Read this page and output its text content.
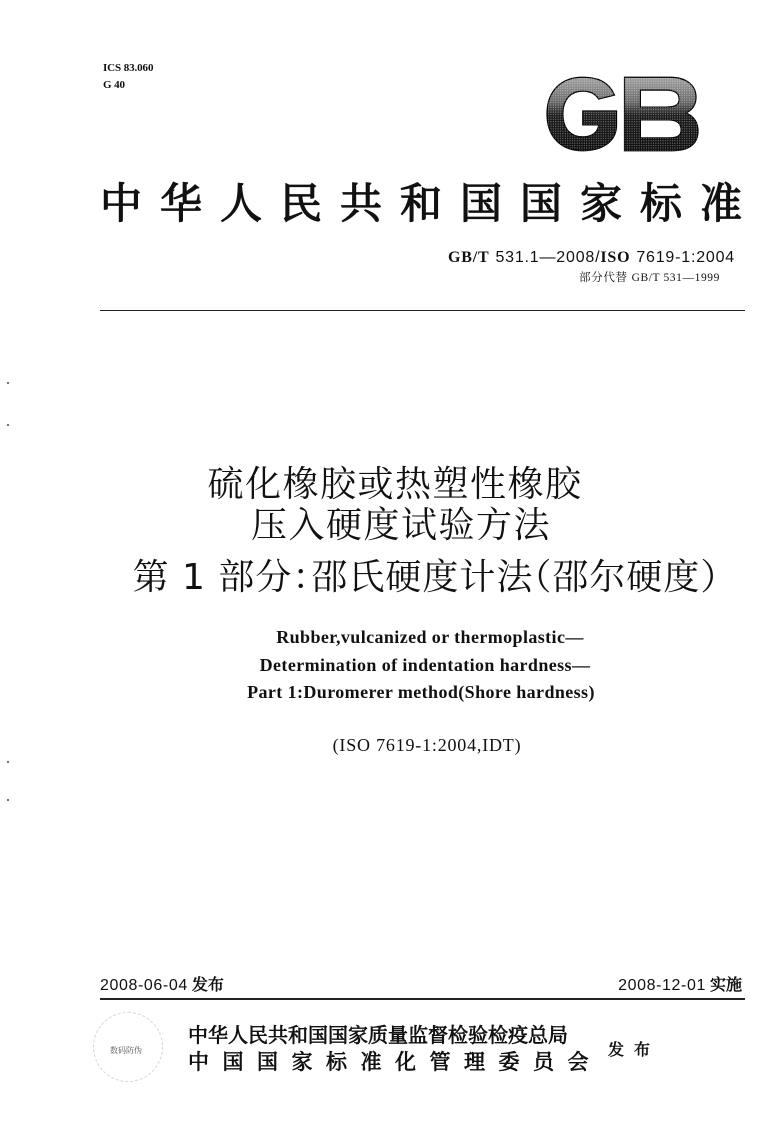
ICS 83.060
G 40
中华人民共和国国家标准
GB/T 531.1—2008/ISO 7619-1:2004
部分代替 GB/T 531—1999
硫化橡胶或热塑性橡胶
压入硬度试验方法
第 1 部分：邵氏硬度计法（邵尔硬度）
Rubber,vulcanized or thermoplastic—
Determination of indentation hardness—
Part 1:Duromerer method(Shore hardness)
(ISO 7619-1:2004,IDT)
2008-06-04 发布	2008-12-01 实施
数码防伪
中华人民共和国国家质量监督检验检疫总局
中国国家标准化管理委员会 发布
